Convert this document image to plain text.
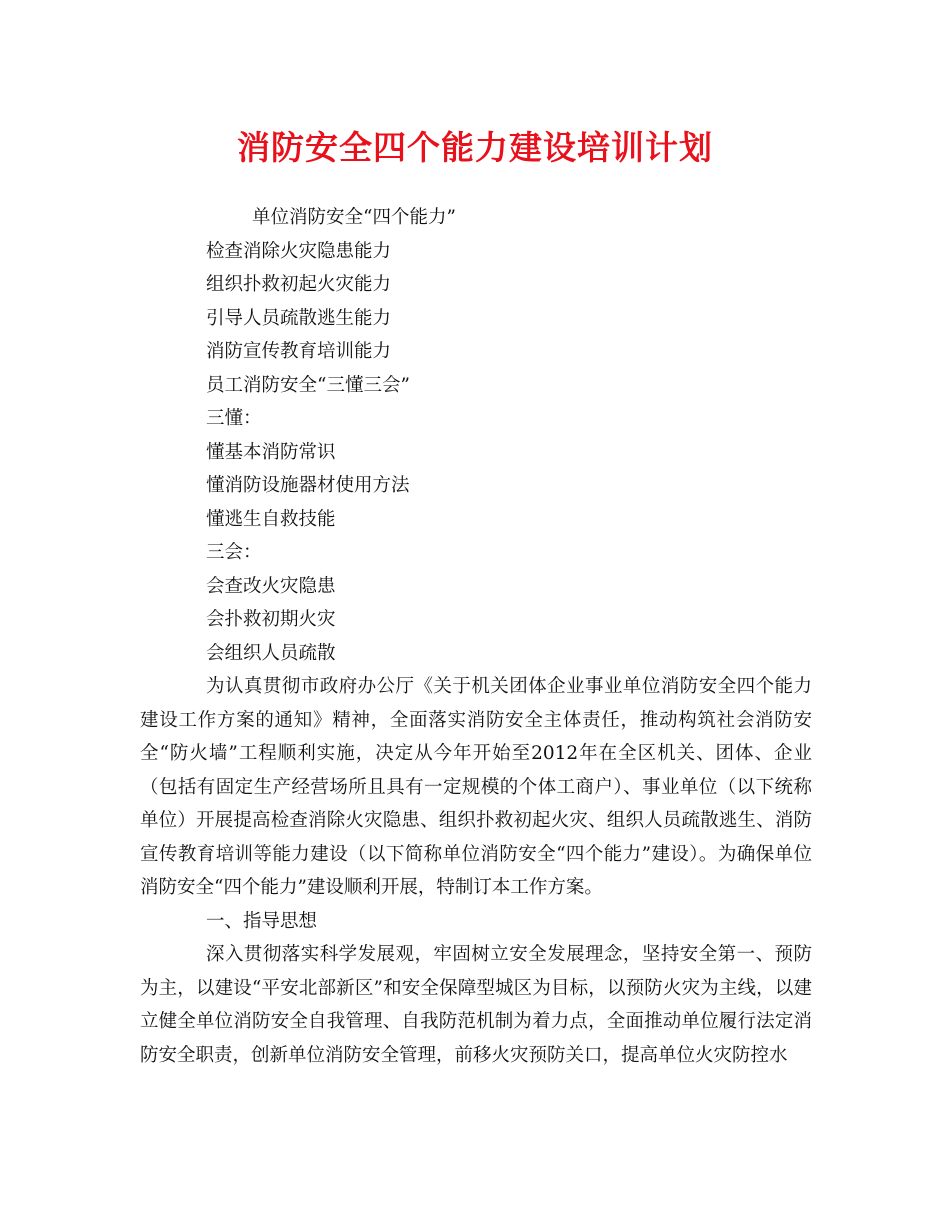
消防安全四个能力建设培训计划

单位消防安全“四个能力”

检查消除火灾隐患能力

组织扑救初起火灾能力

引导人员疏散逃生能力

消防宣传教育培训能力

员工消防安全“三懂三会”

三懂：

懂基本消防常识

懂消防设施器材使用方法

懂逃生自救技能

三会：

会查改火灾隐患

会扑救初期火灾

会组织人员疏散

为认真贯彻市政府办公厅《关于机关团体企业事业单位消防安全四个能力建设工作方案的通知》精神，全面落实消防安全主体责任，推动构筑社会消防安全“防火墙”工程顺利实施，决定从今年开始至2012年在全区机关、团体、企业（包括有固定生产经营场所且具有一定规模的个体工商户）、事业单位（以下统称单位）开展提高检查消除火灾隐患、组织扑救初起火灾、组织人员疏散逃生、消防宣传教育培训等能力建设（以下简称单位消防安全“四个能力”建设）。为确保单位消防安全“四个能力”建设顺利开展，特制订本工作方案。

一、指导思想

深入贯彻落实科学发展观，牢固树立安全发展理念，坚持安全第一、预防为主，以建设“平安北部新区”和安全保障型城区为目标，以预防火灾为主线，以建立健全单位消防安全自我管理、自我防范机制为着力点，全面推动单位履行法定消防安全职责，创新单位消防安全管理，前移火灾预防关口，提高单位火灾防控水
